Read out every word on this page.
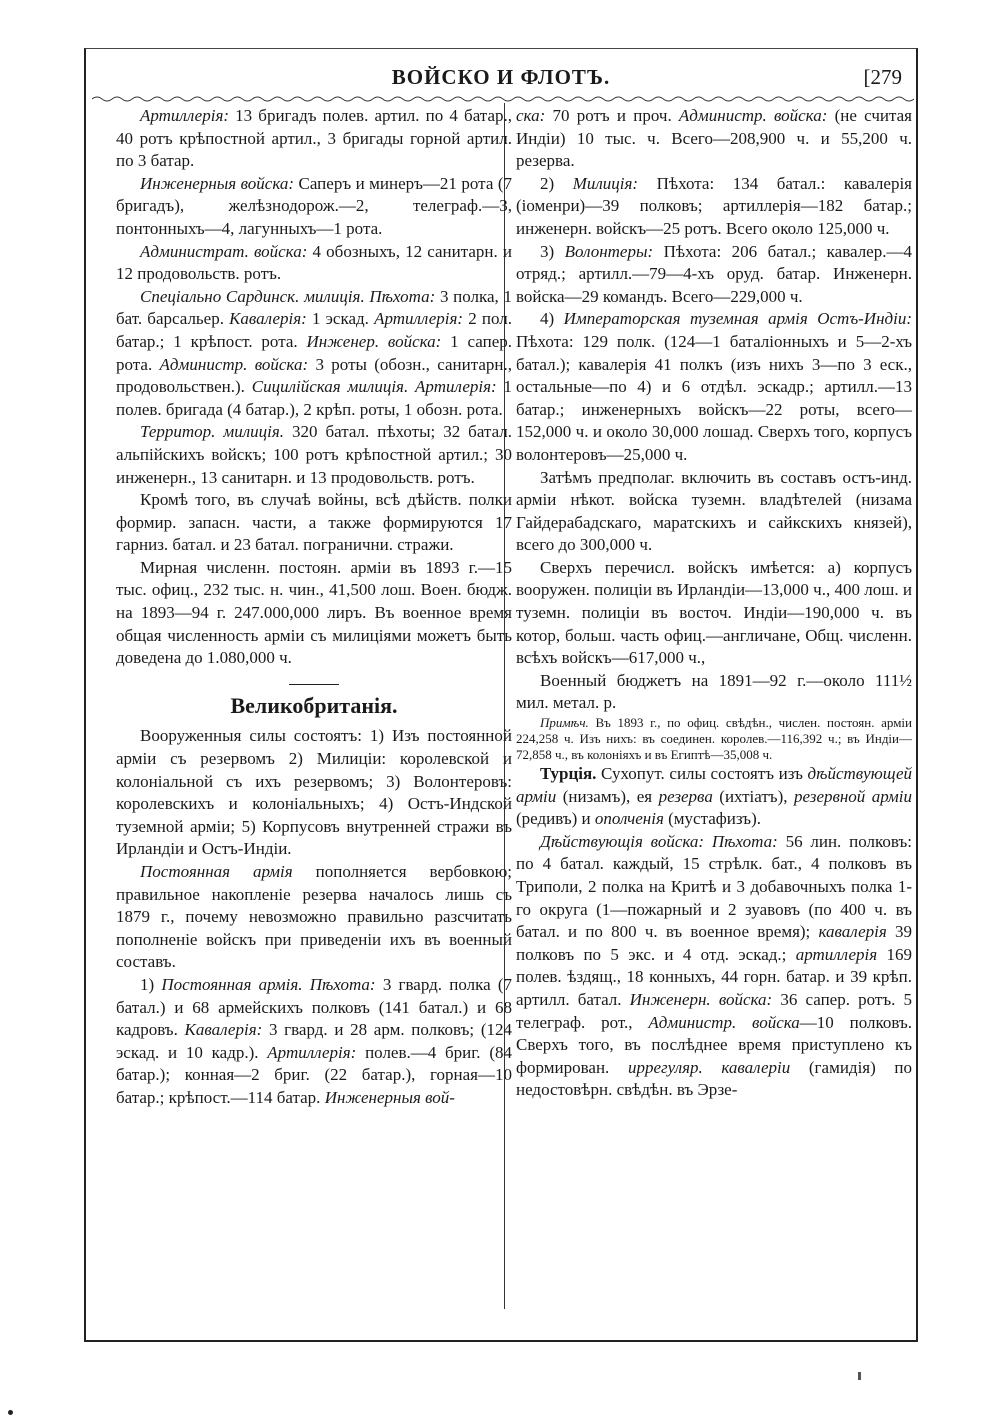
ВОЙСКО И ФЛОТЪ.	[279

Артиллерія: 13 бригадъ полев. артил. по 4 батар., 40 ротъ крѣпостной артил., 3 бригады горной артил. по 3 батар.

Инженерныя войска: Саперъ и минеръ—21 рота (7 бригадъ), желѣзнодорож.—2, телеграф.—3, понтонныхъ—4, лагунныхъ—1 рота.

Администрат. войска: 4 обозныхъ, 12 санитарн. и 12 продовольств. ротъ.

Спеціально Сардинск. милиція. Пѣхота: 3 полка, 1 бат. барсальер. Кавалерія: 1 эскад. Артиллерія: 2 пол. батар.; 1 крѣпост. рота. Инженер. войска: 1 сапер. рота. Администр. войска: 3 роты (обозн., санитарн., продовольствен.). Сицилійская милиція. Артилерія: 1 полев. бригада (4 батар.), 2 крѣп. роты, 1 обозн. рота.

Территор. милиція. 320 батал. пѣхоты; 32 батал. альпійскихъ войскъ; 100 ротъ крѣпостной артил.; 30 инженерн., 13 санитарн. и 13 продовольств. ротъ.

Кромѣ того, въ случаѣ войны, всѣ дѣйств. полки формир. запасн. части, а также формируются 17 гарниз. батал. и 23 батал. погранични. стражи.

Мирная численн. постоян. арміи въ 1893 г.—15 тыс. офиц., 232 тыс. н. чин., 41,500 лош. Воен. бюдж. на 1893—94 г. 247.000,000 лиръ. Въ военное время общая численность арміи съ милиціями можетъ быть доведена до 1.080,000 ч.

Великобританія.

Вооруженныя силы состоятъ: 1) Изъ постоянной арміи съ резервомъ 2) Милиціи: королевской и колоніальной съ ихъ резервомъ; 3) Волонтеровъ: королевскихъ и колоніальныхъ; 4) Остъ-Индской туземной арміи; 5) Корпусовъ внутренней стражи въ Ирландіи и Остъ-Индіи.

Постоянная армія пополняется вербовкою; правильное накопленіе резерва началось лишь съ 1879 г., почему невозможно правильно разсчитать пополненіе войскъ при приведеніи ихъ въ военный составъ.

1) Постоянная армія. Пѣхота: 3 гвард. полка (7 батал.) и 68 армейскихъ полковъ (141 батал.) и 68 кадровъ. Кавалерія: 3 гвард. и 28 арм. полковъ; (124 эскад. и 10 кадр.). Артиллерія: полев.—4 бриг. (84 батар.); конная—2 бриг. (22 батар.), горная—10 батар.; крѣпост.—114 батар. Инженерныя вой-

ска: 70 ротъ и проч. Администр. войска: (не считая Индіи) 10 тыс. ч. Всего—208,900 ч. и 55,200 ч. резерва.

2) Милиція: Пѣхота: 134 батал.: кавалерія (іоменри)—39 полковъ; артиллерія—182 батар.; инженерн. войскъ—25 ротъ. Всего около 125,000 ч.

3) Волонтеры: Пѣхота: 206 батал.; кавалер.—4 отряд.; артилл.—79—4-хъ оруд. батар. Инженерн. войска—29 командъ. Всего—229,000 ч.

4) Императорская туземная армія Остъ-Индіи: Пѣхота: 129 полк. (124—1 баталіонныхъ и 5—2-хъ батал.); кавалерія 41 полкъ (изъ нихъ 3—по 3 еск., остальные—по 4) и 6 отдѣл. эскадр.; артилл.—13 батар.; инженерныхъ войскъ—22 роты, всего—152,000 ч. и около 30,000 лошад. Сверхъ того, корпусъ волонтеровъ—25,000 ч.

Затѣмъ предполаг. включить въ составъ остъ-инд. арміи нѣкот. войска туземн. владѣтелей (низама Гайдерабадскаго, маратскихъ и сайкскихъ князей), всего до 300,000 ч.

Сверхъ перечисл. войскъ имѣется: а) корпусъ вооружен. полиціи въ Ирландіи—13,000 ч., 400 лош. и туземн. полиціи въ восточ. Индіи—190,000 ч. въ котор, больш. часть офиц.—англичане, Общ. численн. всѣхъ войскъ—617,000 ч.,

Военный бюджетъ на 1891—92 г.—около 111½ мил. метал. р.

Примѣч. Въ 1893 г., по офиц. свѣдѣн., числен. постоян. арміи 224,258 ч. Изъ нихъ: въ соединен. королев.—116,392 ч.; въ Индіи—72,858 ч., въ колоніяхъ и въ Египтѣ—35,008 ч.

Турція. Сухопут. силы состоятъ изъ дѣйствующей арміи (низамъ), ея резерва (ихтіатъ), резервной арміи (редивъ) и ополченія (мустафизъ).

Дѣйствующія войска: Пѣхота: 56 лин. полковъ: по 4 батал. каждый, 15 стрѣлк. бат., 4 полковъ въ Триполи, 2 полка на Критѣ и 3 добавочныхъ полка 1-го округа (1—пожарный и 2 зуавовъ (по 400 ч. въ батал. и по 800 ч. въ военное время); кавалерія 39 полковъ по 5 экс. и 4 отд. эскад.; артиллерія 169 полев. ѣздящ., 18 конныхъ, 44 горн. батар. и 39 крѣп. артилл. батал. Инженерн. войска: 36 сапер. ротъ. 5 телеграф. рот., Администр. войска—10 полковъ. Сверхъ того, въ послѣднее время приступлено къ формирован. иррегуляр. кавалеріи (гамидія) по недостовѣрн. свѣдѣн. въ Эрзе-
